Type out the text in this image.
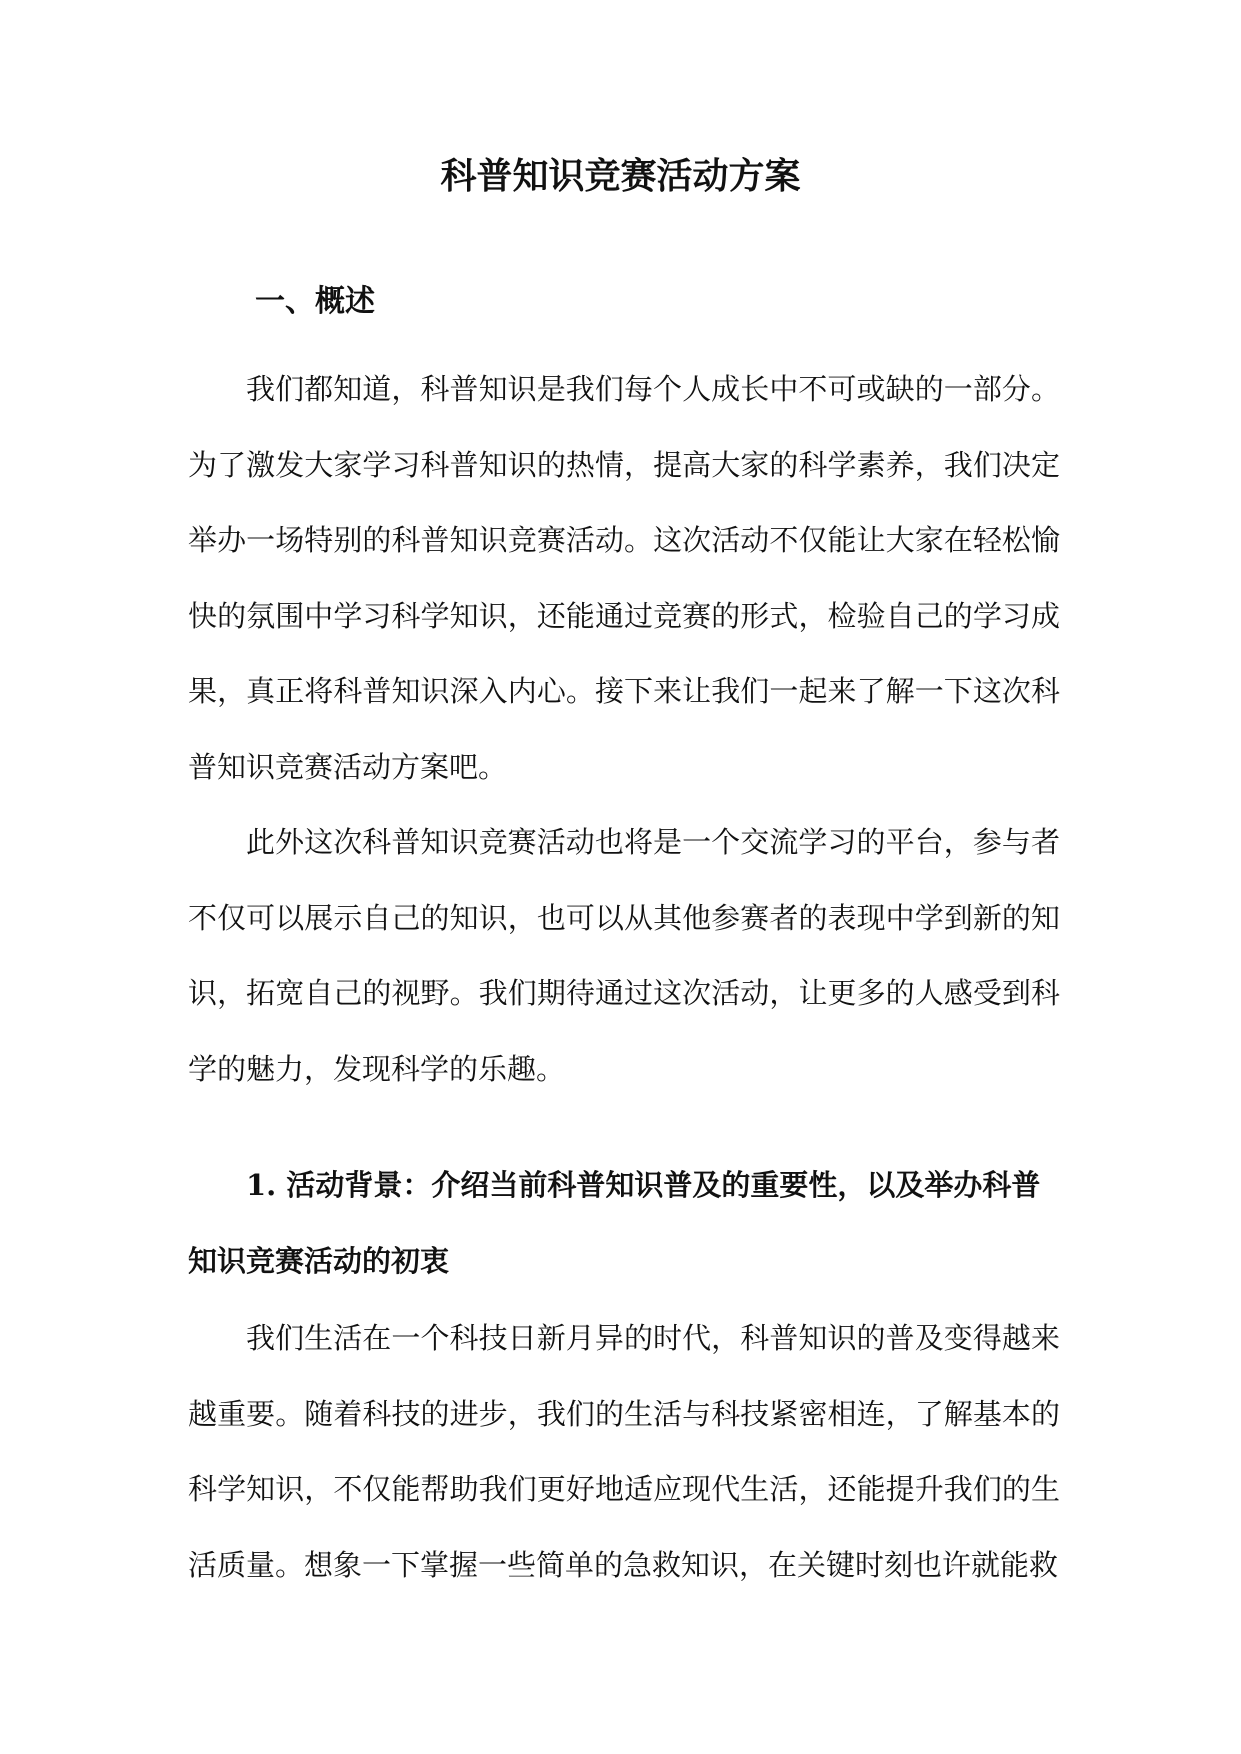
科普知识竞赛活动方案
一、概述

我们都知道，科普知识是我们每个人成长中不可或缺的一部分。为了激发大家学习科普知识的热情，提高大家的科学素养，我们决定举办一场特别的科普知识竞赛活动。这次活动不仅能让大家在轻松愉快的氛围中学习科学知识，还能通过竞赛的形式，检验自己的学习成果，真正将科普知识深入内心。接下来让我们一起来了解一下这次科普知识竞赛活动方案吧。

此外这次科普知识竞赛活动也将是一个交流学习的平台，参与者不仅可以展示自己的知识，也可以从其他参赛者的表现中学到新的知识，拓宽自己的视野。我们期待通过这次活动，让更多的人感受到科学的魅力，发现科学的乐趣。

1. 活动背景：介绍当前科普知识普及的重要性，以及举办科普知识竞赛活动的初衷

我们生活在一个科技日新月异的时代，科普知识的普及变得越来越重要。随着科技的进步，我们的生活与科技紧密相连，了解基本的科学知识，不仅能帮助我们更好地适应现代生活，还能提升我们的生活质量。想象一下掌握一些简单的急救知识，在关键时刻也许就能救
